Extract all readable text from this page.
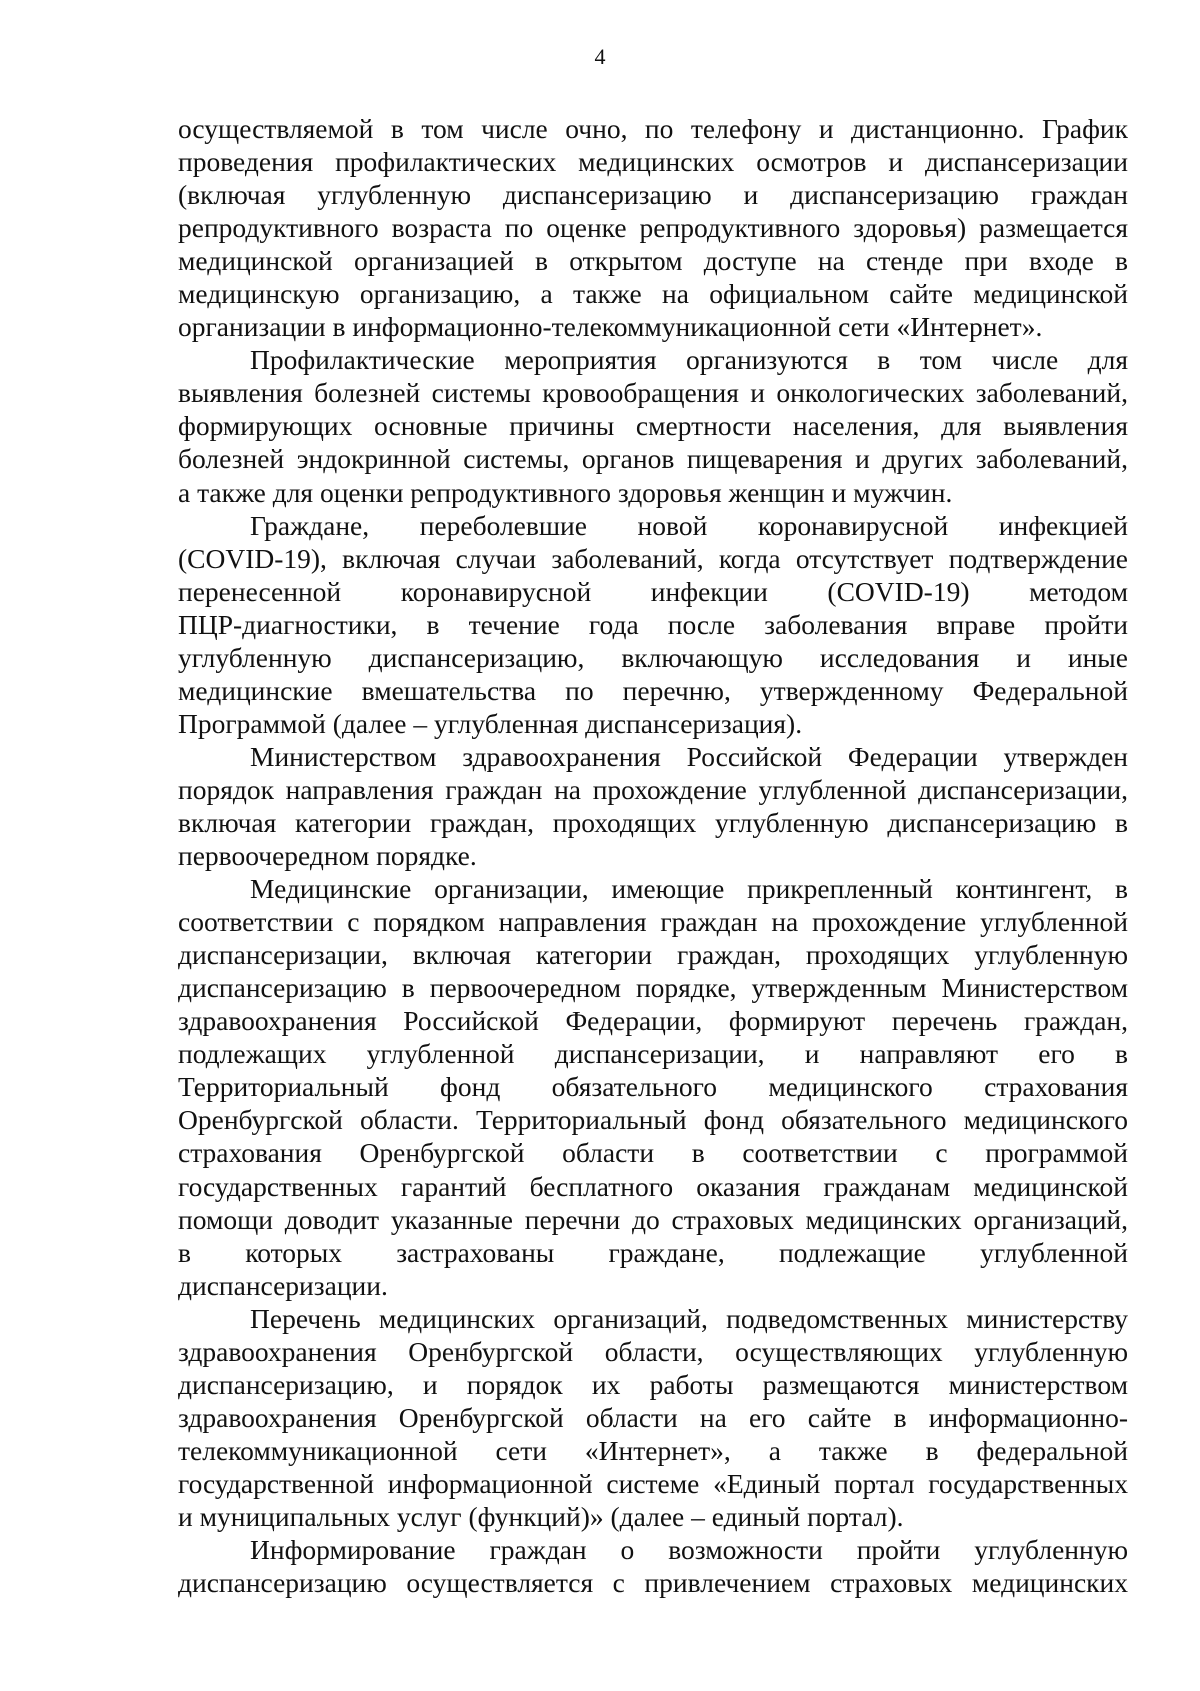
4
осуществляемой в том числе очно, по телефону и дистанционно. График
проведения профилактических медицинских осмотров и диспансеризации
(включая углубленную диспансеризацию и диспансеризацию граждан
репродуктивного возраста по оценке репродуктивного здоровья) размещается
медицинской организацией в открытом доступе на стенде при входе в
медицинскую организацию, а также на официальном сайте медицинской
организации в информационно-телекоммуникационной сети «Интернет».
Профилактические мероприятия организуются в том числе для
выявления болезней системы кровообращения и онкологических заболеваний,
формирующих основные причины смертности населения, для выявления
болезней эндокринной системы, органов пищеварения и других заболеваний,
а также для оценки репродуктивного здоровья женщин и мужчин.
Граждане, переболевшие новой коронавирусной инфекцией
(COVID-19), включая случаи заболеваний, когда отсутствует подтверждение
перенесенной коронавирусной инфекции (COVID-19) методом
ПЦР-диагностики, в течение года после заболевания вправе пройти
углубленную диспансеризацию, включающую исследования и иные
медицинские вмешательства по перечню, утвержденному Федеральной
Программой (далее – углубленная диспансеризация).
Министерством здравоохранения Российской Федерации утвержден
порядок направления граждан на прохождение углубленной диспансеризации,
включая категории граждан, проходящих углубленную диспансеризацию в
первоочередном порядке.
Медицинские организации, имеющие прикрепленный контингент, в
соответствии с порядком направления граждан на прохождение углубленной
диспансеризации, включая категории граждан, проходящих углубленную
диспансеризацию в первоочередном порядке, утвержденным Министерством
здравоохранения Российской Федерации, формируют перечень граждан,
подлежащих углубленной диспансеризации, и направляют его в
Территориальный фонд обязательного медицинского страхования
Оренбургской области. Территориальный фонд обязательного медицинского
страхования Оренбургской области в соответствии с программой
государственных гарантий бесплатного оказания гражданам медицинской
помощи доводит указанные перечни до страховых медицинских организаций,
в которых застрахованы граждане, подлежащие углубленной
диспансеризации.
Перечень медицинских организаций, подведомственных министерству
здравоохранения Оренбургской области, осуществляющих углубленную
диспансеризацию, и порядок их работы размещаются министерством
здравоохранения Оренбургской области на его сайте в информационно-
телекоммуникационной сети «Интернет», а также в федеральной
государственной информационной системе «Единый портал государственных
и муниципальных услуг (функций)» (далее – единый портал).
Информирование граждан о возможности пройти углубленную
диспансеризацию осуществляется с привлечением страховых медицинских
